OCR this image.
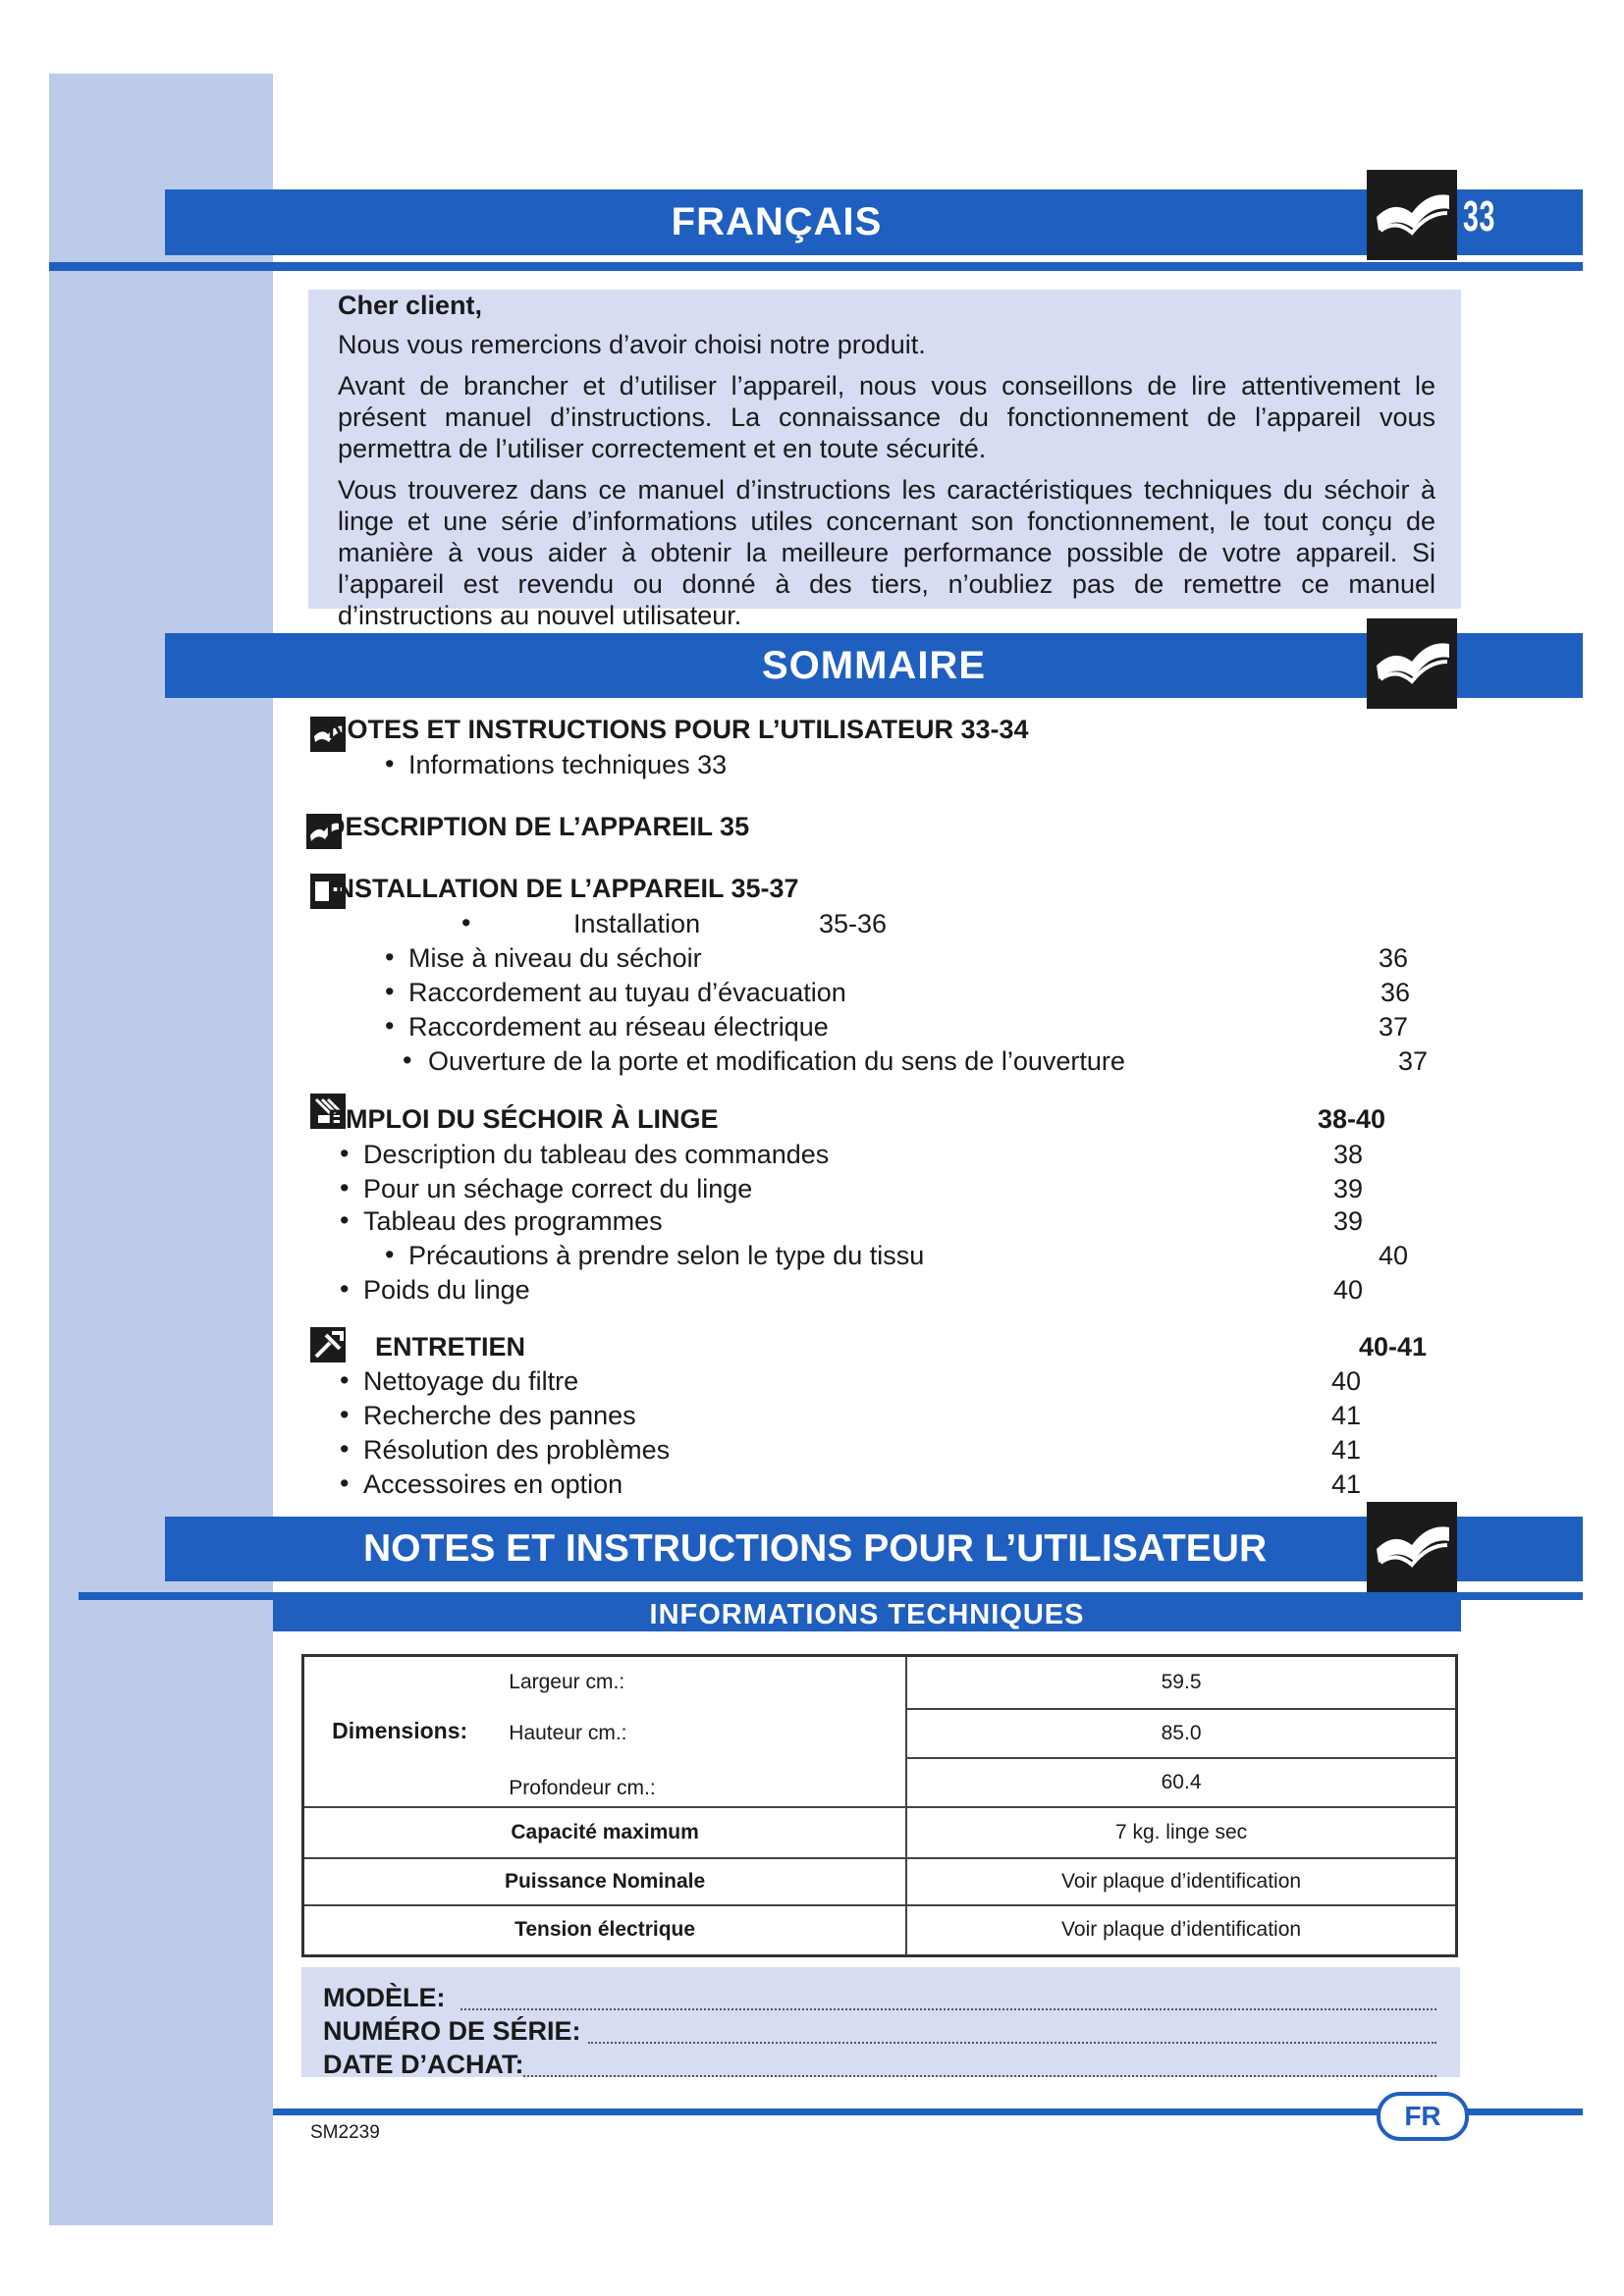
FRANÇAIS	33

Cher client,

Nous vous remercions d’avoir choisi notre produit.

Avant de brancher et d’utiliser l’appareil, nous vous conseillons de lire attentivement le présent manuel d’instructions. La connaissance du fonctionnement de l’appareil vous permettra de l’utiliser correctement et en toute sécurité.

Vous trouverez dans ce manuel d’instructions les caractéristiques techniques du séchoir à linge et une série d’informations utiles concernant son fonctionnement, le tout conçu de manière à vous aider à obtenir la meilleure performance possible de votre appareil. Si l’appareil est revendu ou donné à des tiers, n’oubliez pas de remettre ce manuel d’instructions au nouvel utilisateur.

SOMMAIRE
NOTES ET INSTRUCTIONS POUR L’UTILISATEUR 33-34
• Informations techniques 33
DESCRIPTION DE L’APPAREIL 35
INSTALLATION DE L’APPAREIL 35-37
•	Installation	35-36
• Mise à niveau du séchoir	36
• Raccordement au tuyau d’évacuation	36
• Raccordement au réseau électrique	37
• Ouverture de la porte et modification du sens de l’ouverture	37
EMPLOI DU SÉCHOIR À LINGE	38-40
• Description du tableau des commandes	38
• Pour un séchage correct du linge	39
• Tableau des programmes	39
• Précautions à prendre selon le type du tissu	40
• Poids du linge	40
ENTRETIEN	40-41
• Nettoyage du filtre	40
• Recherche des pannes	41
• Résolution des problèmes	41
• Accessoires en option	41
NOTES ET INSTRUCTIONS POUR L’UTILISATEUR
INFORMATIONS TECHNIQUES
Dimensions:	Largeur cm.:	59.5
	Hauteur cm.:	85.0
	Profondeur cm.:	60.4
Capacité maximum		7 kg. linge sec
Puissance Nominale		Voir plaque d’identification
Tension électrique		Voir plaque d’identification
MODÈLE:
NUMÉRO DE SÉRIE:
DATE D’ACHAT:
FR
SM2239
